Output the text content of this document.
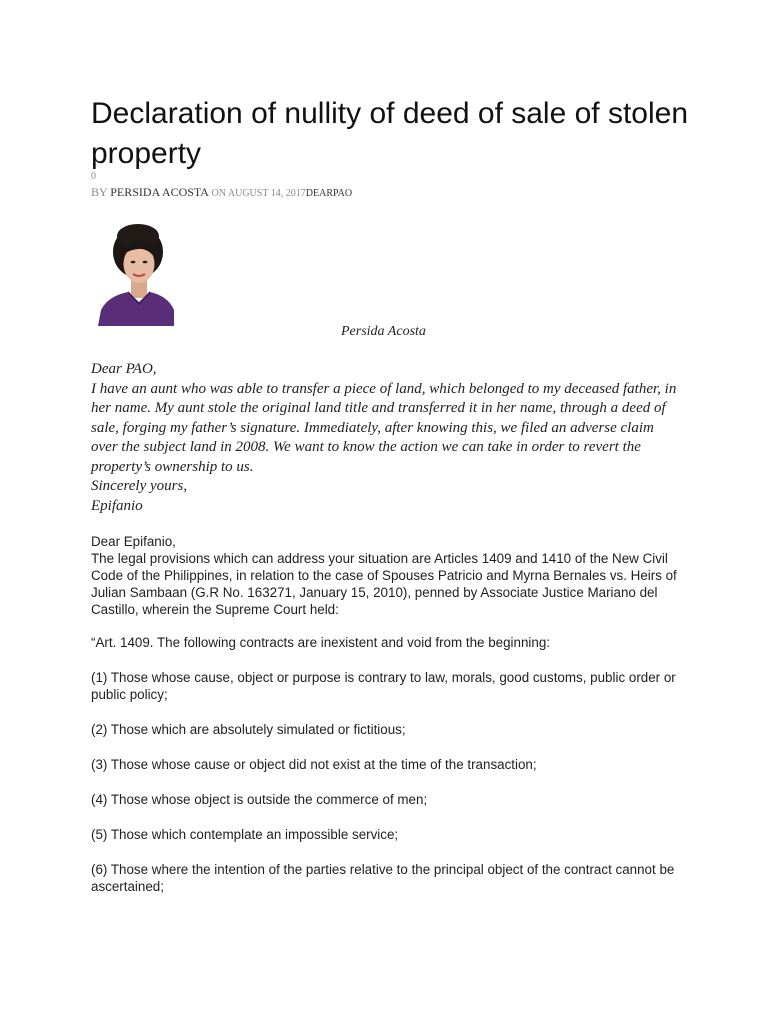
Declaration of nullity of deed of sale of stolen property
0
BY PERSIDA ACOSTA ON AUGUST 14, 2017DEARPAO
Persida Acosta

Dear PAO,

I have an aunt who was able to transfer a piece of land, which belonged to my deceased father, in her name. My aunt stole the original land title and transferred it in her name, through a deed of sale, forging my father’s signature. Immediately, after knowing this, we filed an adverse claim over the subject land in 2008. We want to know the action we can take in order to revert the property’s ownership to us.

Sincerely yours,

Epifanio

Dear Epifanio,

The legal provisions which can address your situation are Articles 1409 and 1410 of the New Civil Code of the Philippines, in relation to the case of Spouses Patricio and Myrna Bernales vs. Heirs of Julian Sambaan (G.R No. 163271, January 15, 2010), penned by Associate Justice Mariano del Castillo, wherein the Supreme Court held:

“Art. 1409. The following contracts are inexistent and void from the beginning:

(1) Those whose cause, object or purpose is contrary to law, morals, good customs, public order or public policy;
(2) Those which are absolutely simulated or fictitious;
(3) Those whose cause or object did not exist at the time of the transaction;
(4) Those whose object is outside the commerce of men;
(5) Those which contemplate an impossible service;
(6) Those where the intention of the parties relative to the principal object of the contract cannot be ascertained;
